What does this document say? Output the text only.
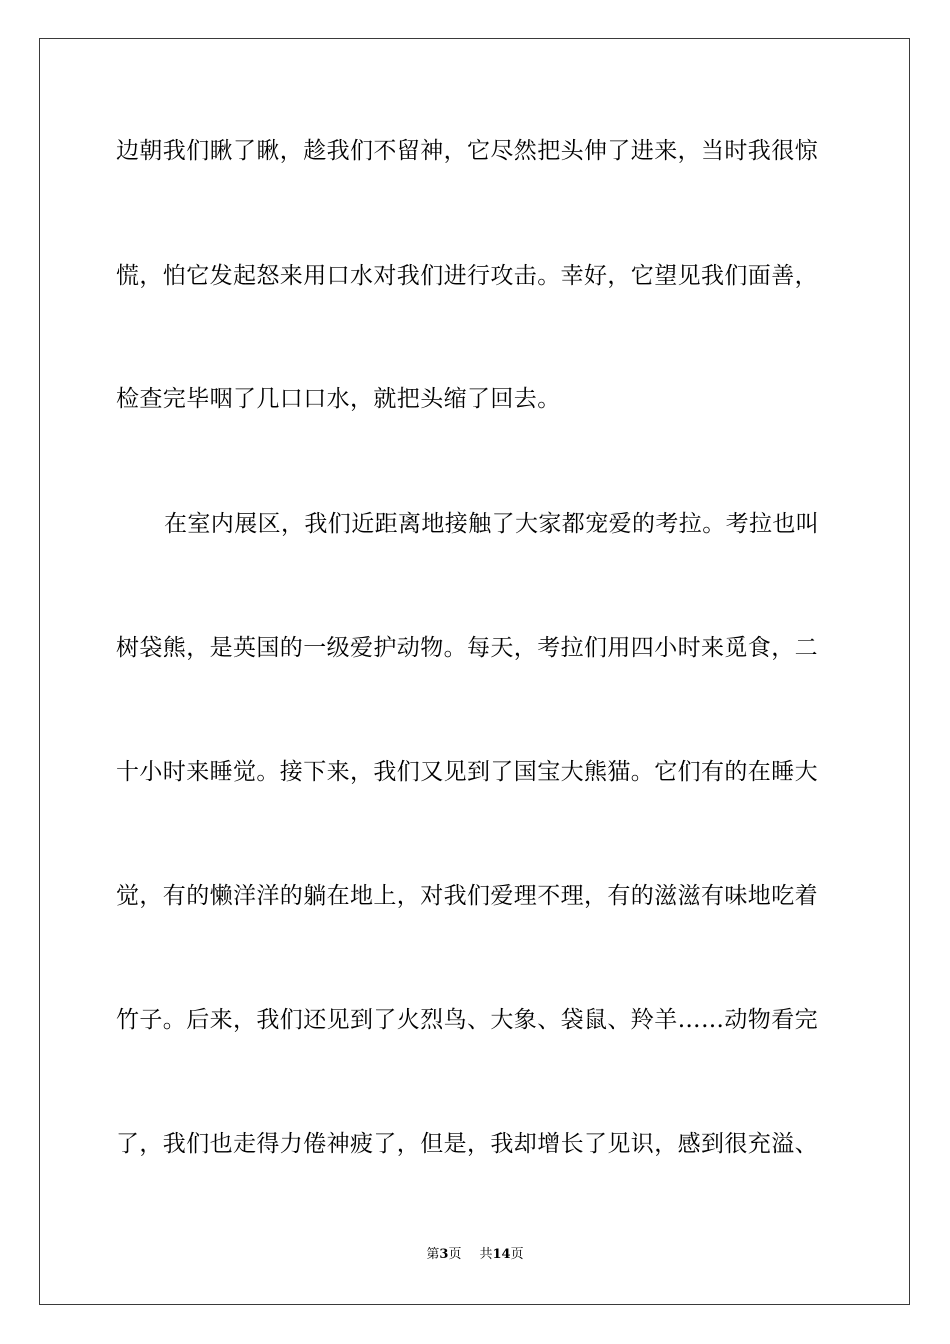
边朝我们瞅了瞅，趁我们不留神，它尽然把头伸了进来，当时我很惊
慌，怕它发起怒来用口水对我们进行攻击。幸好，它望见我们面善，
检查完毕咽了几口口水，就把头缩了回去。
在室内展区，我们近距离地接触了大家都宠爱的考拉。考拉也叫
树袋熊，是英国的一级爱护动物。每天，考拉们用四小时来觅食，二
十小时来睡觉。接下来，我们又见到了国宝大熊猫。它们有的在睡大
觉，有的懒洋洋的躺在地上，对我们爱理不理，有的滋滋有味地吃着
竹子。后来，我们还见到了火烈鸟、大象、袋鼠、羚羊……动物看完
了，我们也走得力倦神疲了，但是，我却增长了见识，感到很充溢、
第3页 共14页
